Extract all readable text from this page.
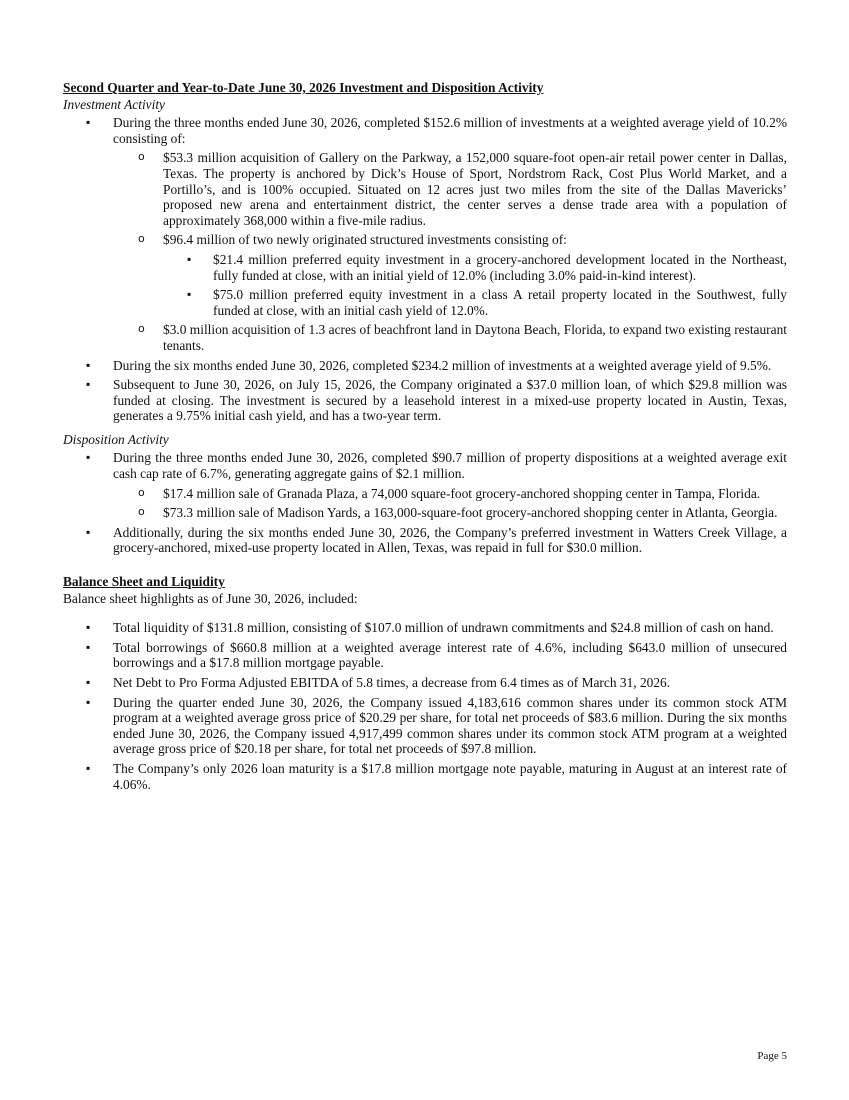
Second Quarter and Year-to-Date June 30, 2026 Investment and Disposition Activity
Investment Activity
▪ During the three months ended June 30, 2026, completed $152.6 million of investments at a weighted average yield of 10.2% consisting of:
o $53.3 million acquisition of Gallery on the Parkway, a 152,000 square-foot open-air retail power center in Dallas, Texas. The property is anchored by Dick’s House of Sport, Nordstrom Rack, Cost Plus World Market, and a Portillo’s, and is 100% occupied. Situated on 12 acres just two miles from the site of the Dallas Mavericks’ proposed new arena and entertainment district, the center serves a dense trade area with a population of approximately 368,000 within a five-mile radius.
o $96.4 million of two newly originated structured investments consisting of:
▪ $21.4 million preferred equity investment in a grocery-anchored development located in the Northeast, fully funded at close, with an initial yield of 12.0% (including 3.0% paid-in-kind interest).
▪ $75.0 million preferred equity investment in a class A retail property located in the Southwest, fully funded at close, with an initial cash yield of 12.0%.
o $3.0 million acquisition of 1.3 acres of beachfront land in Daytona Beach, Florida, to expand two existing restaurant tenants.
▪ During the six months ended June 30, 2026, completed $234.2 million of investments at a weighted average yield of 9.5%.
▪ Subsequent to June 30, 2026, on July 15, 2026, the Company originated a $37.0 million loan, of which $29.8 million was funded at closing. The investment is secured by a leasehold interest in a mixed-use property located in Austin, Texas, generates a 9.75% initial cash yield, and has a two-year term.
Disposition Activity
▪ During the three months ended June 30, 2026, completed $90.7 million of property dispositions at a weighted average exit cash cap rate of 6.7%, generating aggregate gains of $2.1 million.
o $17.4 million sale of Granada Plaza, a 74,000 square-foot grocery-anchored shopping center in Tampa, Florida.
o $73.3 million sale of Madison Yards, a 163,000-square-foot grocery-anchored shopping center in Atlanta, Georgia.
▪ Additionally, during the six months ended June 30, 2026, the Company’s preferred investment in Watters Creek Village, a grocery-anchored, mixed-use property located in Allen, Texas, was repaid in full for $30.0 million.
Balance Sheet and Liquidity
Balance sheet highlights as of June 30, 2026, included:
▪ Total liquidity of $131.8 million, consisting of $107.0 million of undrawn commitments and $24.8 million of cash on hand.
▪ Total borrowings of $660.8 million at a weighted average interest rate of 4.6%, including $643.0 million of unsecured borrowings and a $17.8 million mortgage payable.
▪ Net Debt to Pro Forma Adjusted EBITDA of 5.8 times, a decrease from 6.4 times as of March 31, 2026.
▪ During the quarter ended June 30, 2026, the Company issued 4,183,616 common shares under its common stock ATM program at a weighted average gross price of $20.29 per share, for total net proceeds of $83.6 million. During the six months ended June 30, 2026, the Company issued 4,917,499 common shares under its common stock ATM program at a weighted average gross price of $20.18 per share, for total net proceeds of $97.8 million.
▪ The Company’s only 2026 loan maturity is a $17.8 million mortgage note payable, maturing in August at an interest rate of 4.06%.
Page 5
